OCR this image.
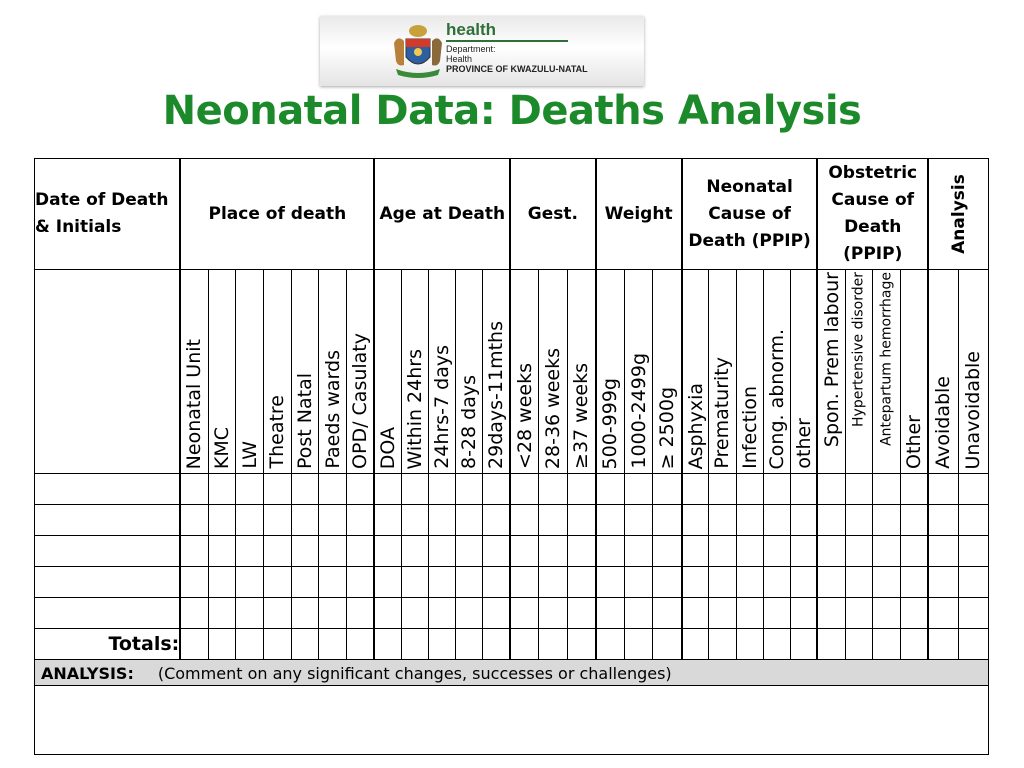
health
Department:
Health
PROVINCE OF KWAZULU-NATAL
Neonatal Data: Deaths Analysis
Date of Death & Initials	Place of death							Age at Death					Gest.			Weight			Neonatal Cause of Death (PPIP)					Obstetric Cause of Death (PPIP)				Analysis	

	Neonatal Unit	KMC	LW	Theatre	Post Natal	Paeds wards	OPD/ Casulaty	DOA	Within 24hrs	24hrs-7 days	8-28 days	29days-11mths	<28 weeks	28-36 weeks	≥37 weeks	500-999g	1000-2499g	≥ 2500g	Asphyxia	Prematurity	Infection	Cong. abnorm.	other	Spon. Prem labour	Hypertensive disorder	Antepartum hemorrhage	Other	Avoidable	Unavoidable

Totals:																													
ANALYSIS: (Comment on any significant changes, successes or challenges)																													
